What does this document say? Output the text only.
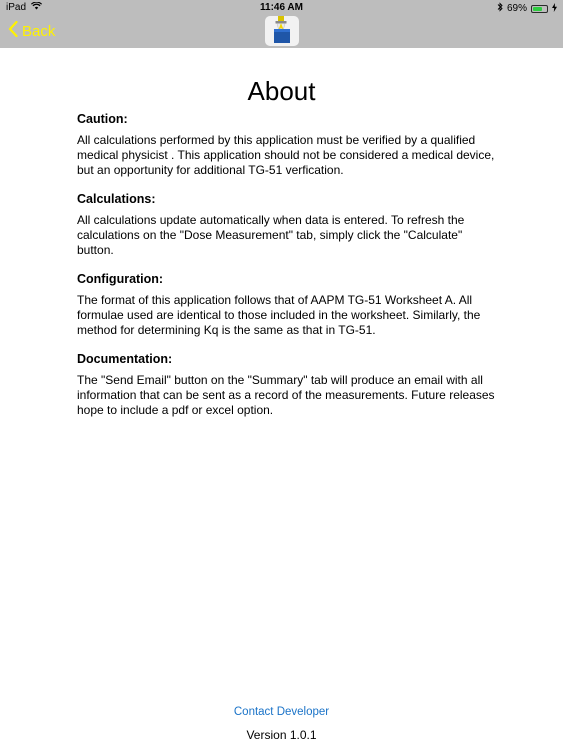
iPad	11:46 AM	69%
Back
About

Caution:

All calculations performed by this application must be verified by a qualified medical physicist . This application should not be considered a medical device, but an opportunity for additional TG-51 verfication.

Calculations:

All calculations update automatically when data is entered. To refresh the calculations on the "Dose Measurement" tab, simply click the "Calculate" button.

Configuration:

The format of this application follows that of AAPM TG-51 Worksheet A. All formulae used are identical to those included in the worksheet. Similarly, the method for determining Kq is the same as that in TG-51.

Documentation:

The "Send Email" button on the "Summary" tab will produce an email with all information that can be sent as a record of the measurements. Future releases hope to include a pdf or excel option.

Contact Developer
Version 1.0.1
